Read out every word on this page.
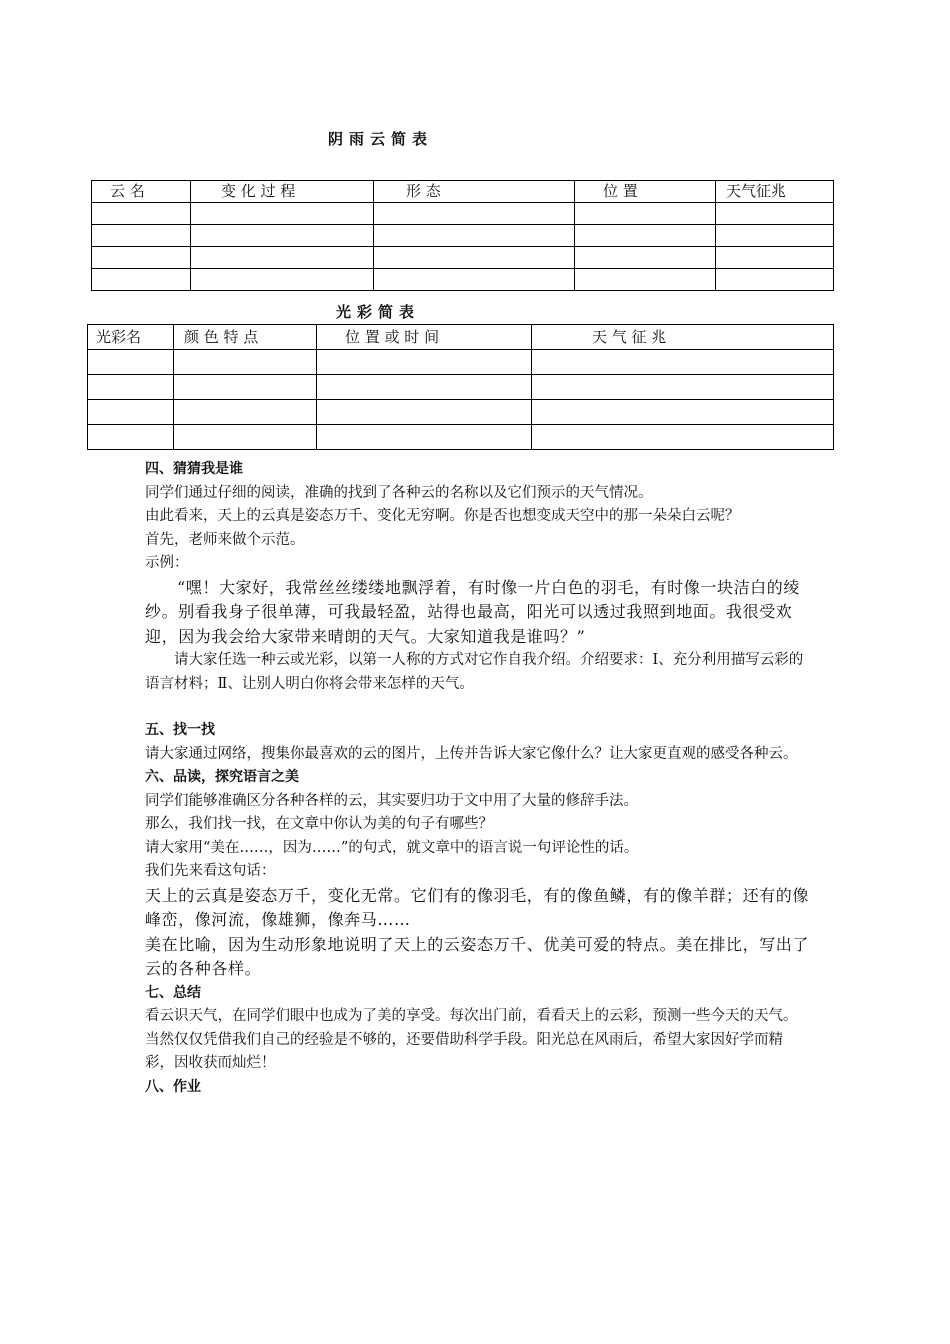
阴雨云简表
云 名	变 化 过 程	形 态	位 置	天气征兆

光彩简表
光彩名	颜 色 特 点	位 置 或 时 间	天 气 征 兆

四、猜猜我是谁

同学们通过仔细的阅读，准确的找到了各种云的名称以及它们预示的天气情况。

由此看来，天上的云真是姿态万千、变化无穷啊。你是否也想变成天空中的那一朵朵白云呢？

首先，老师来做个示范。

示例：

“嘿！大家好，我常丝丝缕缕地飘浮着，有时像一片白色的羽毛，有时像一块洁白的绫纱。别看我身子很单薄，可我最轻盈，站得也最高，阳光可以透过我照到地面。我很受欢迎，因为我会给大家带来晴朗的天气。大家知道我是谁吗？”

请大家任选一种云或光彩，以第一人称的方式对它作自我介绍。介绍要求：Ⅰ、充分利用描写云彩的语言材料；Ⅱ、让别人明白你将会带来怎样的天气。

五、找一找

请大家通过网络，搜集你最喜欢的云的图片，上传并告诉大家它像什么？让大家更直观的感受各种云。

六、品读，探究语言之美

同学们能够准确区分各种各样的云，其实要归功于文中用了大量的修辞手法。

那么，我们找一找，在文章中你认为美的句子有哪些？

请大家用“美在……，因为……”的句式，就文章中的语言说一句评论性的话。

我们先来看这句话：

天上的云真是姿态万千，变化无常。它们有的像羽毛，有的像鱼鳞，有的像羊群；还有的像峰峦，像河流，像雄狮，像奔马……

美在比喻，因为生动形象地说明了天上的云姿态万千、优美可爱的特点。美在排比，写出了云的各种各样。

七、总结

看云识天气，在同学们眼中也成为了美的享受。每次出门前，看看天上的云彩，预测一些今天的天气。当然仅仅凭借我们自己的经验是不够的，还要借助科学手段。阳光总在风雨后，希望大家因好学而精彩，因收获而灿烂！

八、作业
